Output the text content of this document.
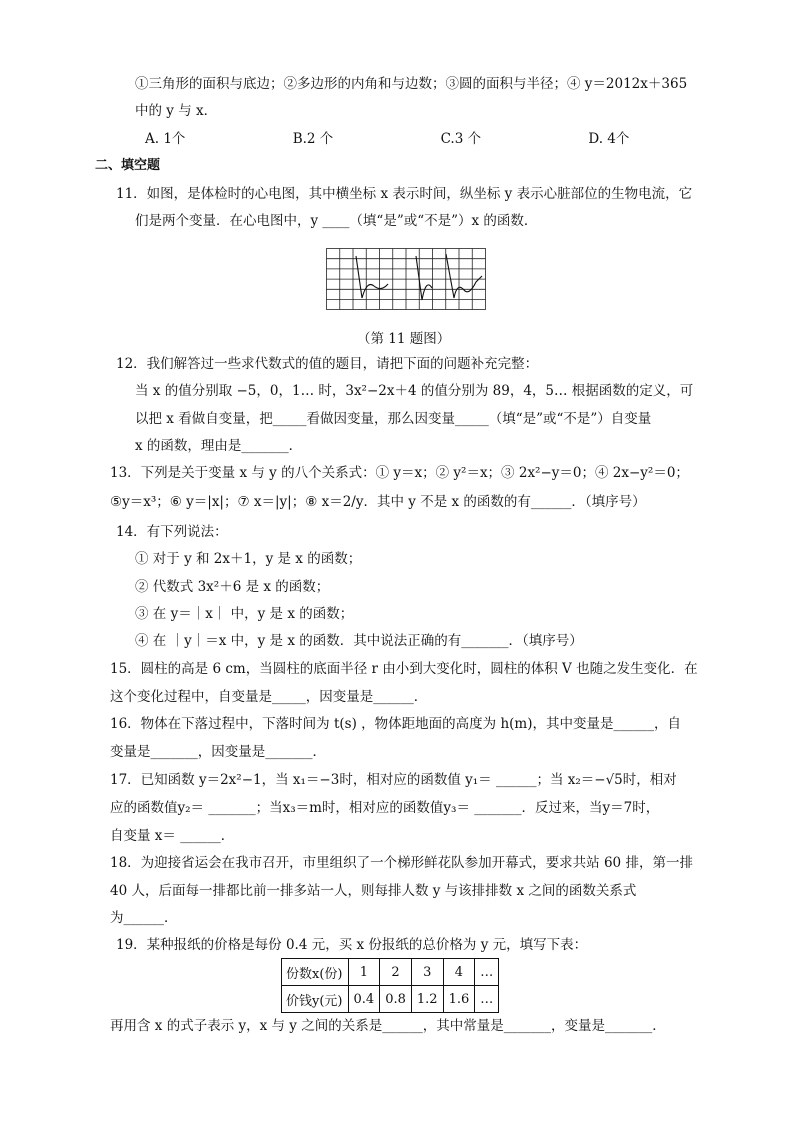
①三角形的面积与底边；②多边形的内角和与边数；③圆的面积与半径；④ y＝2012x＋365
中的 y 与 x．
A. 1个                         B.2 个                         C.3 个                         D. 4个
二、填空题
11．如图，是体检时的心电图，其中横坐标 x 表示时间，纵坐标 y 表示心脏部位的生物电流，它
们是两个变量．在心电图中，y ____（填“是”或“不是”）x 的函数．
（第 11 题图）
12．我们解答过一些求代数式的值的题目，请把下面的问题补充完整：
当 x 的值分别取 −5，0，1… 时，3x²−2x＋4 的值分别为 89，4，5… 根据函数的定义，可
以把 x 看做自变量，把_____看做因变量，那么因变量_____（填“是”或“不是”）自变量
x 的函数，理由是_______．
13．下列是关于变量 x 与 y 的八个关系式：① y＝x；② y²＝x；③ 2x²−y＝0；④ 2x−y²＝0；
⑤y＝x³；⑥ y＝|x|；⑦ x＝|y|；⑧ x＝2/y．其中 y 不是 x 的函数的有______．（填序号）
14．有下列说法：
① 对于 y 和 2x＋1，y 是 x 的函数；
② 代数式 3x²＋6 是 x 的函数；
③ 在 y＝｜x｜ 中，y 是 x 的函数；
④ 在 ｜y｜＝x 中，y 是 x 的函数．其中说法正确的有_______．（填序号）
15．圆柱的高是 6 cm，当圆柱的底面半径 r 由小到大变化时，圆柱的体积 V 也随之发生变化．在
这个变化过程中，自变量是_____，因变量是______．
16．物体在下落过程中，下落时间为 t(s) ，物体距地面的高度为 h(m)，其中变量是______，自
变量是_______，因变量是_______．
17．已知函数 y＝2x²−1，当 x₁＝−3时，相对应的函数值 y₁＝ ______；当 x₂＝−√5时，相对
应的函数值y₂＝ _______；当x₃＝m时，相对应的函数值y₃＝ _______．反过来，当y＝7时，
自变量 x＝ ______．
18．为迎接省运会在我市召开，市里组织了一个梯形鲜花队参加开幕式，要求共站 60 排，第一排
40 人，后面每一排都比前一排多站一人，则每排人数 y 与该排排数 x 之间的函数关系式
为______．
19．某种报纸的价格是每份 0.4 元，买 x 份报纸的总价格为 y 元，填写下表：
份数x(份)	1	2	3	4	…
价钱y(元)	0.4	0.8	1.2	1.6	…
再用含 x 的式子表示 y，x 与 y 之间的关系是______，其中常量是_______，变量是_______．
